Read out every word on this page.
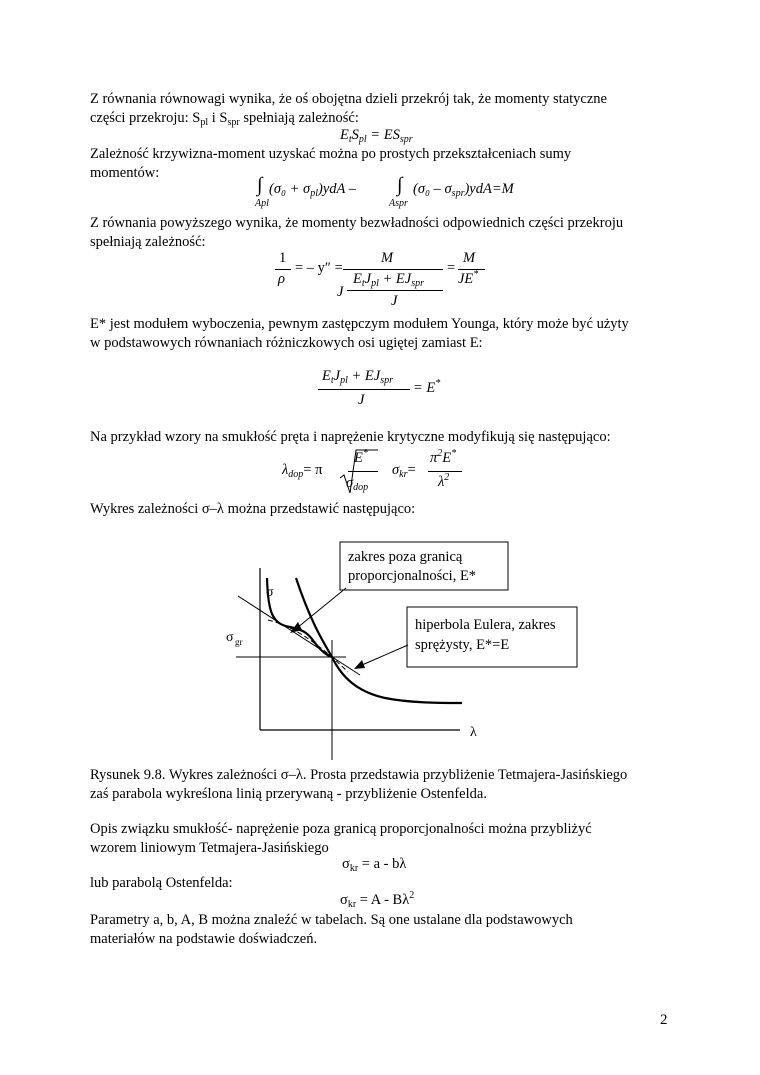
Z równania równowagi wynika, że oś obojętna dzieli przekrój tak, że momenty statyczne
części przekroju: $S_{pl}$ i $S_{spr}$ spełniają zależność:

$E_tS_{pl} = ES_{spr}$

Zależność krzywizna-moment uzyskać można po prostych przekształceniach sumy
momentów:

∫
Apl
$(\sigma_0 + \sigma_{pl})ydA$ – ∫
Aspr
$(\sigma_0 - \sigma_{spr})ydA=M$

Z równania powyższego wynika, że momenty bezwładności odpowiednich części przekroju
spełniają zależność:

1
ρ
= – y″ =
M
J
$E_tJ_{pl} + EJ_{spr}$
J
=
M
JE*

E* jest modułem wyboczenia, pewnym zastępczym modułem Younga, który może być użyty
w podstawowych równaniach różniczkowych osi ugiętej zamiast E:

$E_tJ_{pl} + EJ_{spr}$
J
= E*

Na przykład wzory na smukłość pręta i naprężenie krytyczne modyfikują się następująco:

$\lambda_{dop}= \pi$
E*
$\sigma_{dop}$
$\sigma_{kr}=$
$\pi^2E^*$
$\lambda^2$

Wykres zależności σ–λ można przedstawić następująco:

zakres poza granicą
proporcjonalności, E*
hiperbola Eulera, zakres
sprężysty, E*=E
σ
σ gr
λ

Rysunek 9.8. Wykres zależności σ–λ. Prosta przedstawia przybliżenie Tetmajera-Jasińskiego
zaś parabola wykreślona linią przerywaną - przybliżenie Ostenfelda.

Opis związku smukłość- naprężenie poza granicą proporcjonalności można przybliżyć
wzorem liniowym Tetmajera-Jasińskiego

$\sigma_{kr} = a - b\lambda$

lub parabolą Ostenfelda:

$\sigma_{kr} = A - B\lambda^2$

Parametry a, b, A, B można znaleźć w tabelach. Są one ustalane dla podstawowych
materiałów na podstawie doświadczeń.

2
